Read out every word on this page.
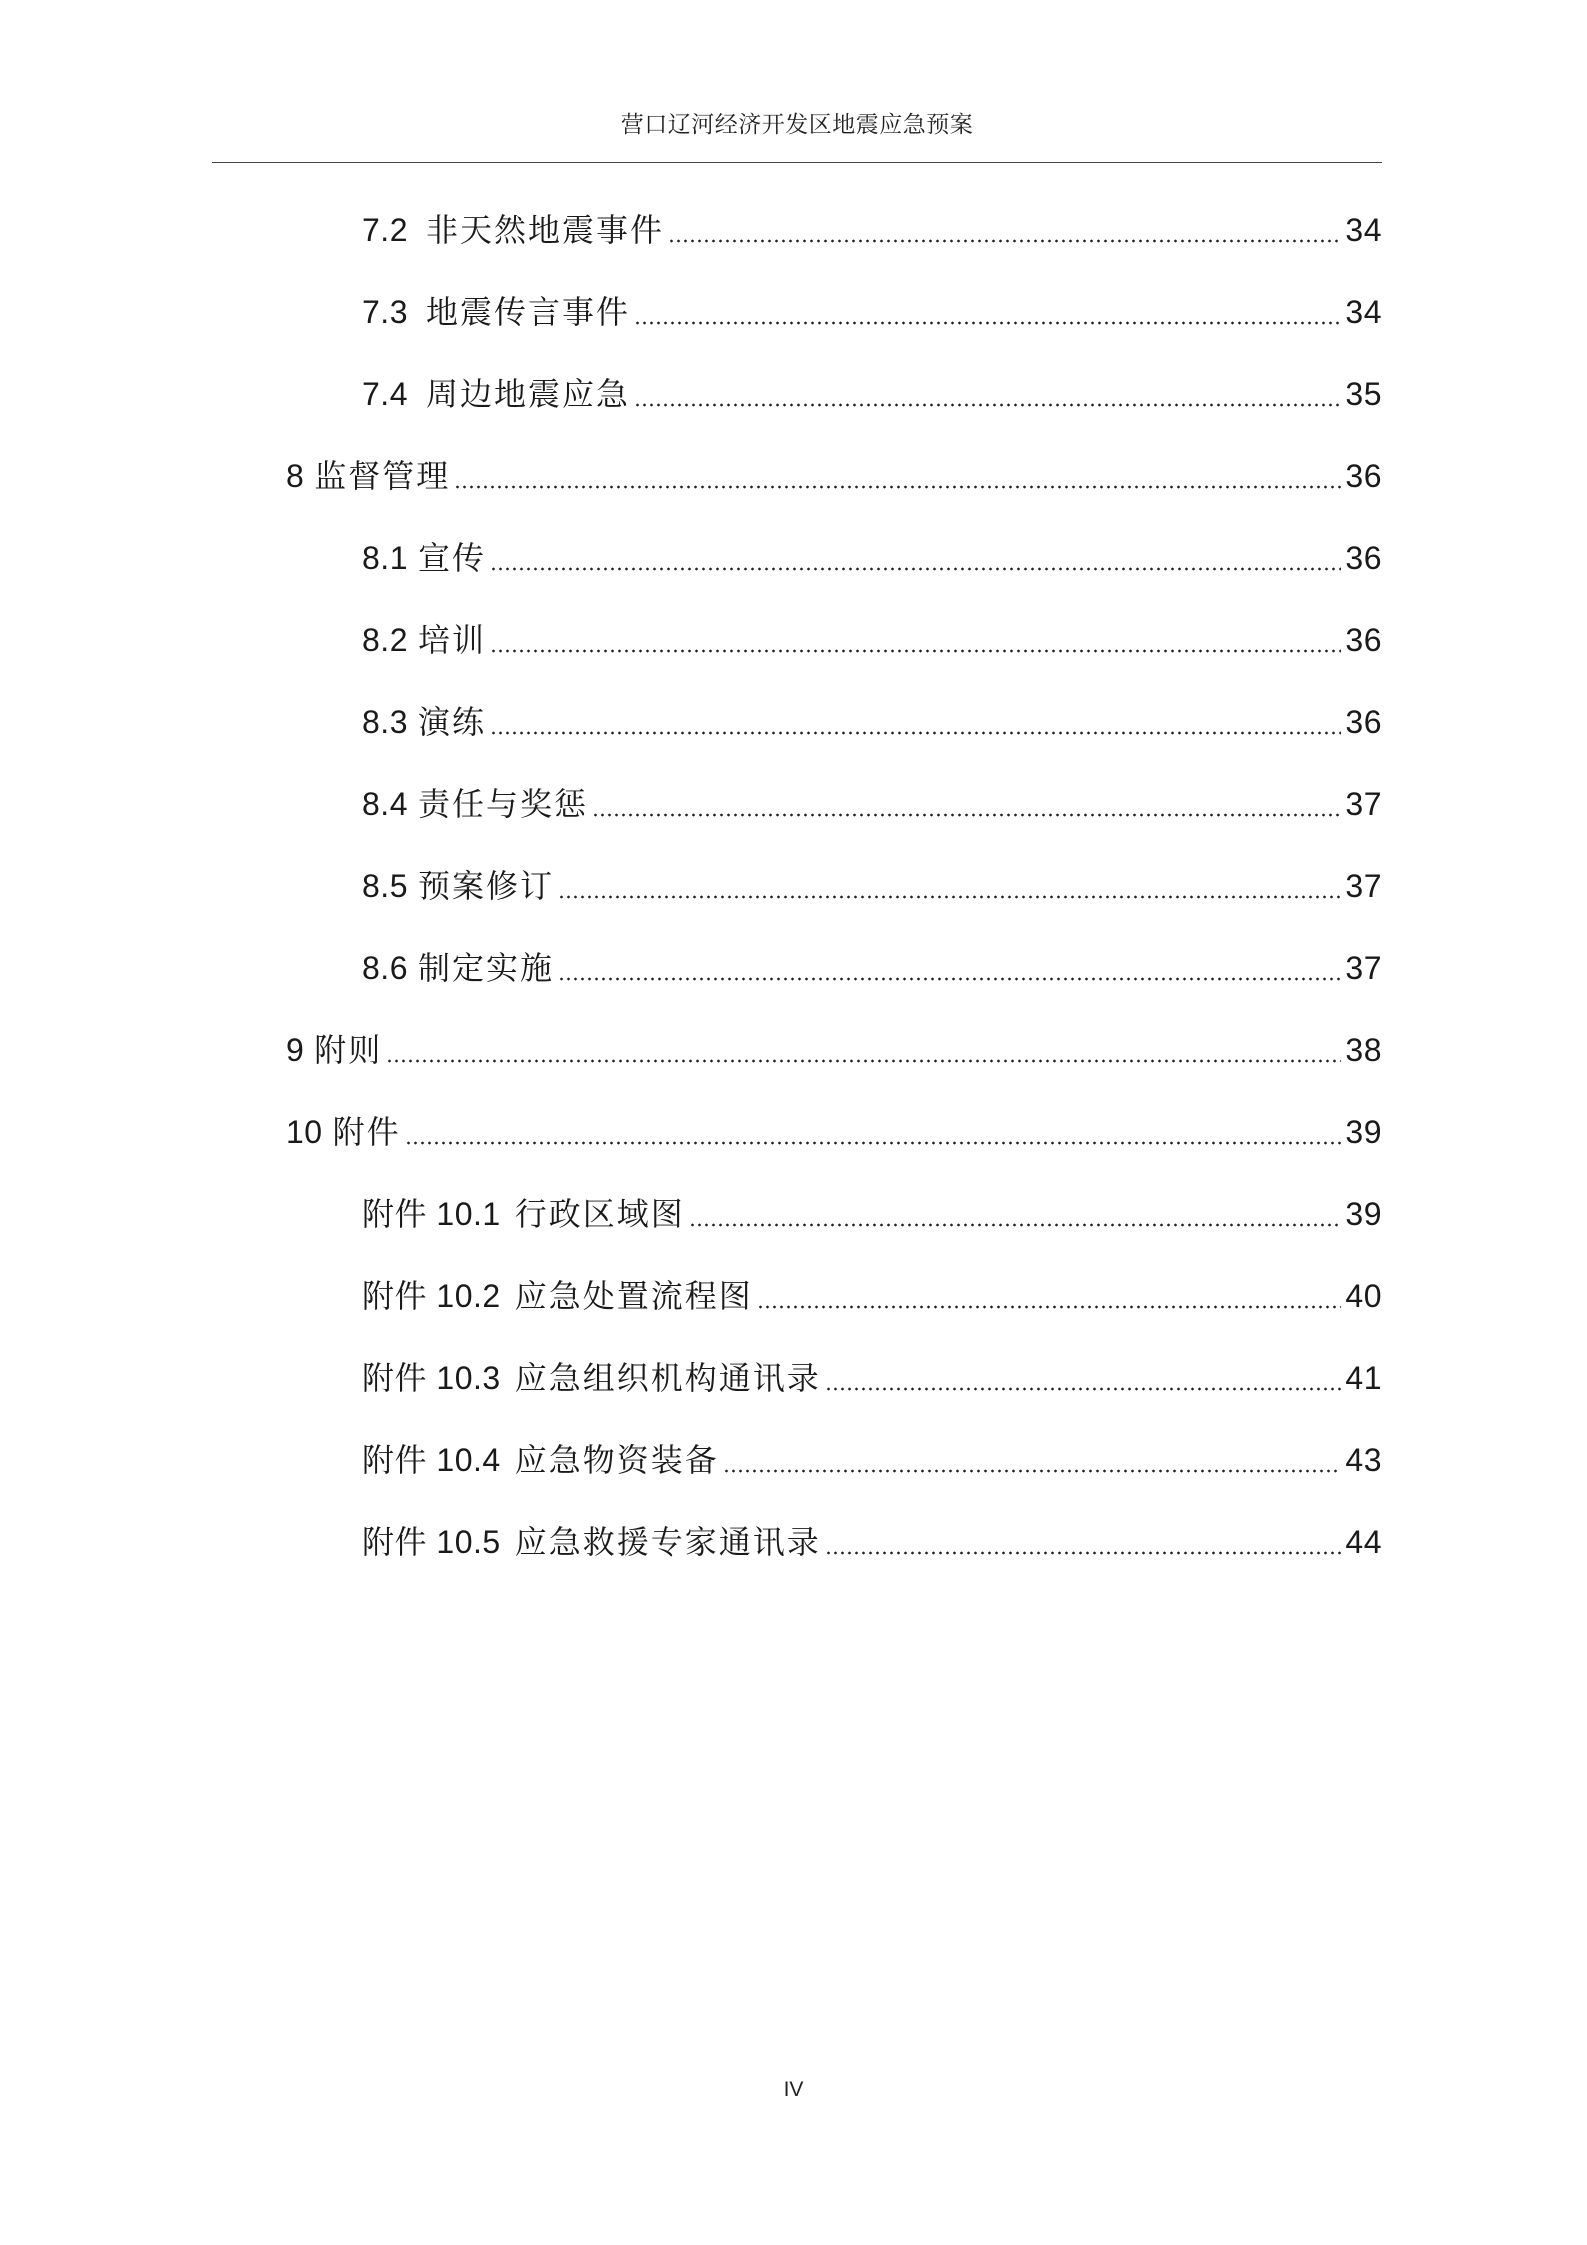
营口辽河经济开发区地震应急预案
7.2 非天然地震事件	34
7.3 地震传言事件	34
7.4 周边地震应急	35
8 监督管理	36
8.1 宣传	36
8.2 培训	36
8.3 演练	36
8.4 责任与奖惩	37
8.5 预案修订	37
8.6 制定实施	37
9 附则	38
10 附件	39
附件 10.1 行政区域图	39
附件 10.2 应急处置流程图	40
附件 10.3 应急组织机构通讯录	41
附件 10.4 应急物资装备	43
附件 10.5 应急救援专家通讯录	44
IV
